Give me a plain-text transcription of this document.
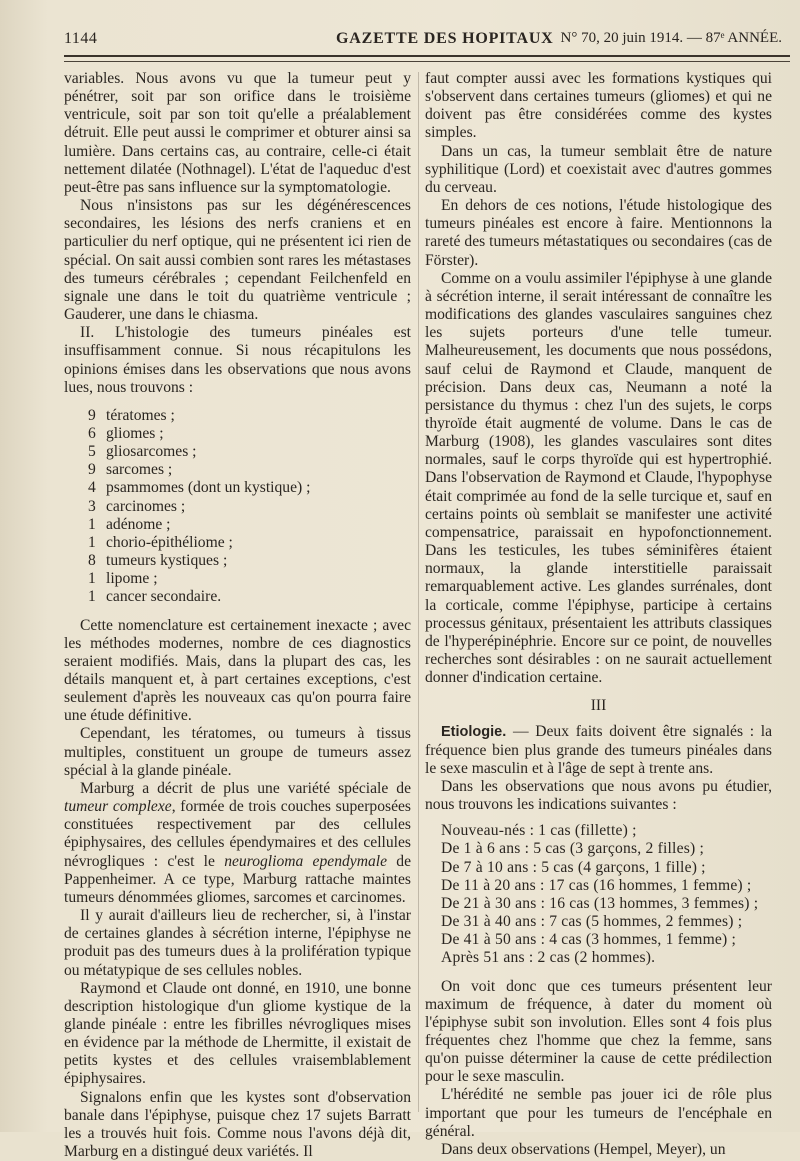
1144	GAZETTE DES HOPITAUX N° 70, 20 juin 1914. — 87ᵉ ANNÉE.

variables. Nous avons vu que la tumeur peut y pénétrer, soit par son orifice dans le troisième ventricule, soit par son toit qu'elle a préalablement détruit. Elle peut aussi le comprimer et obturer ainsi sa lumière. Dans certains cas, au contraire, celle-ci était nettement dilatée (Nothnagel). L'état de l'aqueduc d'est peut-être pas sans influence sur la symptomatologie.

Nous n'insistons pas sur les dégénérescences secondaires, les lésions des nerfs craniens et en particulier du nerf optique, qui ne présentent ici rien de spécial. On sait aussi combien sont rares les métastases des tumeurs cérébrales ; cependant Feilchenfeld en signale une dans le toit du quatrième ventricule ; Gauderer, une dans le chiasma.

II. L'histologie des tumeurs pinéales est insuffisamment connue. Si nous récapitulons les opinions émises dans les observations que nous avons lues, nous trouvons :

9 tératomes ;
6 gliomes ;
5 gliosarcomes ;
9 sarcomes ;
4 psammomes (dont un kystique) ;
3 carcinomes ;
1 adénome ;
1 chorio-épithéliome ;
8 tumeurs kystiques ;
1 lipome ;
1 cancer secondaire.

Cette nomenclature est certainement inexacte ; avec les méthodes modernes, nombre de ces diagnostics seraient modifiés. Mais, dans la plupart des cas, les détails manquent et, à part certaines exceptions, c'est seulement d'après les nouveaux cas qu'on pourra faire une étude définitive.

Cependant, les tératomes, ou tumeurs à tissus multiples, constituent un groupe de tumeurs assez spécial à la glande pinéale.

Marburg a décrit de plus une variété spéciale de tumeur complexe, formée de trois couches superposées constituées respectivement par des cellules épiphysaires, des cellules épendymaires et des cellules névrogliques : c'est le neuroglioma ependymale de Pappenheimer. A ce type, Marburg rattache maintes tumeurs dénommées gliomes, sarcomes et carcinomes.

Il y aurait d'ailleurs lieu de rechercher, si, à l'instar de certaines glandes à sécrétion interne, l'épiphyse ne produit pas des tumeurs dues à la prolifération typique ou métatypique de ses cellules nobles.

Raymond et Claude ont donné, en 1910, une bonne description histologique d'un gliome kystique de la glande pinéale : entre les fibrilles névrogliques mises en évidence par la méthode de Lhermitte, il existait de petits kystes et des cellules vraisemblablement épiphysaires.

Signalons enfin que les kystes sont d'observation banale dans l'épiphyse, puisque chez 17 sujets Barratt les a trouvés huit fois. Comme nous l'avons déjà dit, Marburg en a distingué deux variétés. Il

faut compter aussi avec les formations kystiques qui s'observent dans certaines tumeurs (gliomes) et qui ne doivent pas être considérées comme des kystes simples.

Dans un cas, la tumeur semblait être de nature syphilitique (Lord) et coexistait avec d'autres gommes du cerveau.

En dehors de ces notions, l'étude histologique des tumeurs pinéales est encore à faire. Mentionnons la rareté des tumeurs métastatiques ou secondaires (cas de Förster).

Comme on a voulu assimiler l'épiphyse à une glande à sécrétion interne, il serait intéressant de connaître les modifications des glandes vasculaires sanguines chez les sujets porteurs d'une telle tumeur. Malheureusement, les documents que nous possédons, sauf celui de Raymond et Claude, manquent de précision. Dans deux cas, Neumann a noté la persistance du thymus : chez l'un des sujets, le corps thyroïde était augmenté de volume. Dans le cas de Marburg (1908), les glandes vasculaires sont dites normales, sauf le corps thyroïde qui est hypertrophié. Dans l'observation de Raymond et Claude, l'hypophyse était comprimée au fond de la selle turcique et, sauf en certains points où semblait se manifester une activité compensatrice, paraissait en hypofonctionnement. Dans les testicules, les tubes séminifères étaient normaux, la glande interstitielle paraissait remarquablement active. Les glandes surrénales, dont la corticale, comme l'épiphyse, participe à certains processus génitaux, présentaient les attributs classiques de l'hyperépinéphrie. Encore sur ce point, de nouvelles recherches sont désirables : on ne saurait actuellement donner d'indication certaine.

III

Etiologie. — Deux faits doivent être signalés : la fréquence bien plus grande des tumeurs pinéales dans le sexe masculin et à l'âge de sept à trente ans.

Dans les observations que nous avons pu étudier, nous trouvons les indications suivantes :

Nouveau-nés : 1 cas (fillette) ;
De 1 à 6 ans : 5 cas (3 garçons, 2 filles) ;
De 7 à 10 ans : 5 cas (4 garçons, 1 fille) ;
De 11 à 20 ans : 17 cas (16 hommes, 1 femme) ;
De 21 à 30 ans : 16 cas (13 hommes, 3 femmes) ;
De 31 à 40 ans : 7 cas (5 hommes, 2 femmes) ;
De 41 à 50 ans : 4 cas (3 hommes, 1 femme) ;
Après 51 ans : 2 cas (2 hommes).

On voit donc que ces tumeurs présentent leur maximum de fréquence, à dater du moment où l'épiphyse subit son involution. Elles sont 4 fois plus fréquentes chez l'homme que chez la femme, sans qu'on puisse déterminer la cause de cette prédilection pour le sexe masculin.

L'hérédité ne semble pas jouer ici de rôle plus important que pour les tumeurs de l'encéphale en général.

Dans deux observations (Hempel, Meyer), un
